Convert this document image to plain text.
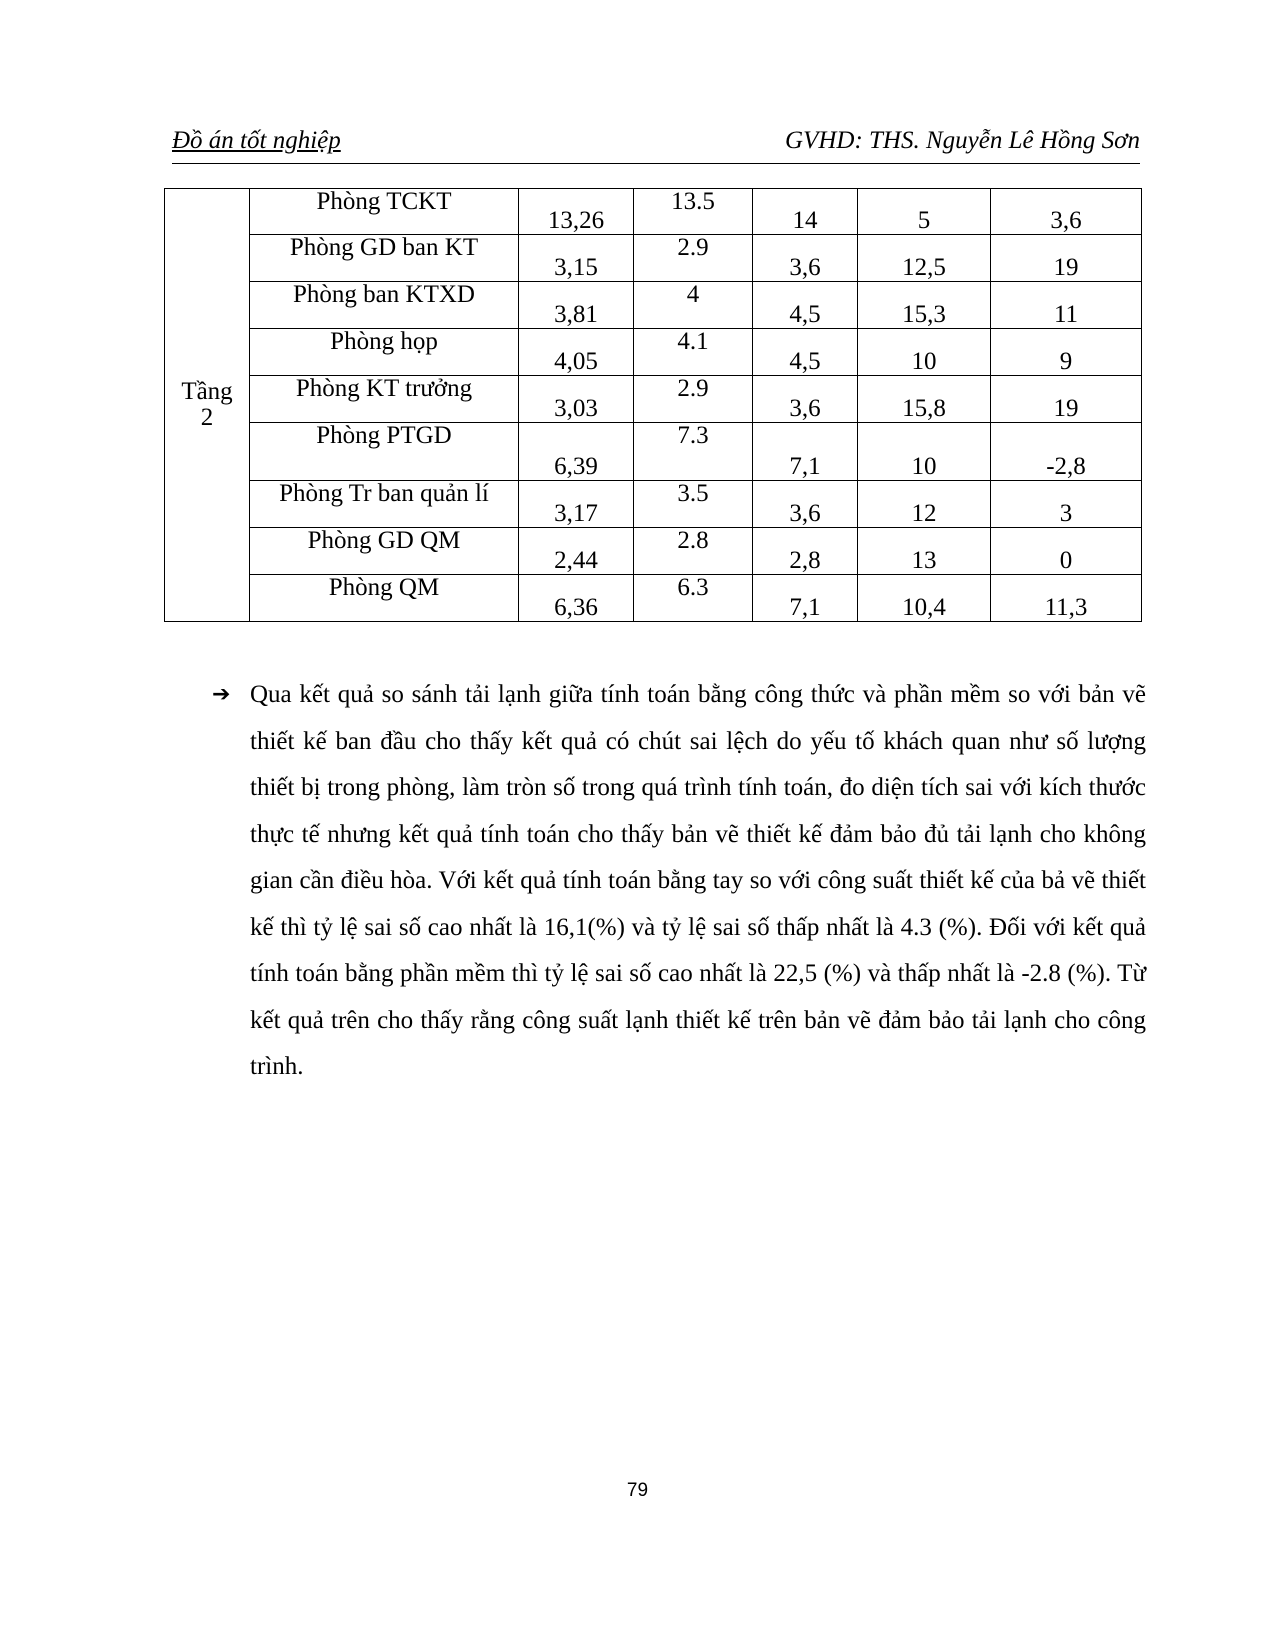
Đồ án tốt nghiệp	GVHD: THS. Nguyễn Lê Hồng Sơn
Tầng
2	Phòng TCKT	13,26	13.5	14	5	3,6
	Phòng GD ban KT	3,15	2.9	3,6	12,5	19
	Phòng ban KTXD	3,81	4	4,5	15,3	11
	Phòng họp	4,05	4.1	4,5	10	9
	Phòng KT trưởng	3,03	2.9	3,6	15,8	19
	Phòng PTGD	6,39	7.3	7,1	10	-2,8
	Phòng Tr ban quản lí	3,17	3.5	3,6	12	3
	Phòng GD QM	2,44	2.8	2,8	13	0
	Phòng QM	6,36	6.3	7,1	10,4	11,3
➔ Qua kết quả so sánh tải lạnh giữa tính toán bằng công thức và phần mềm so với bản vẽ thiết kế ban đầu cho thấy kết quả có chút sai lệch do yếu tố khách quan như số lượng thiết bị trong phòng, làm tròn số trong quá trình tính toán, đo diện tích sai với kích thước thực tế nhưng kết quả tính toán cho thấy bản vẽ thiết kế đảm bảo đủ tải lạnh cho không gian cần điều hòa. Với kết quả tính toán bằng tay so với công suất thiết kế của bả vẽ thiết kế thì tỷ lệ sai số cao nhất là 16,1(%) và tỷ lệ sai số thấp nhất là 4.3 (%). Đối với kết quả tính toán bằng phần mềm thì tỷ lệ sai số cao nhất là 22,5 (%) và thấp nhất là -2.8 (%). Từ kết quả trên cho thấy rằng công suất lạnh thiết kế trên bản vẽ đảm bảo tải lạnh cho công trình.
79
